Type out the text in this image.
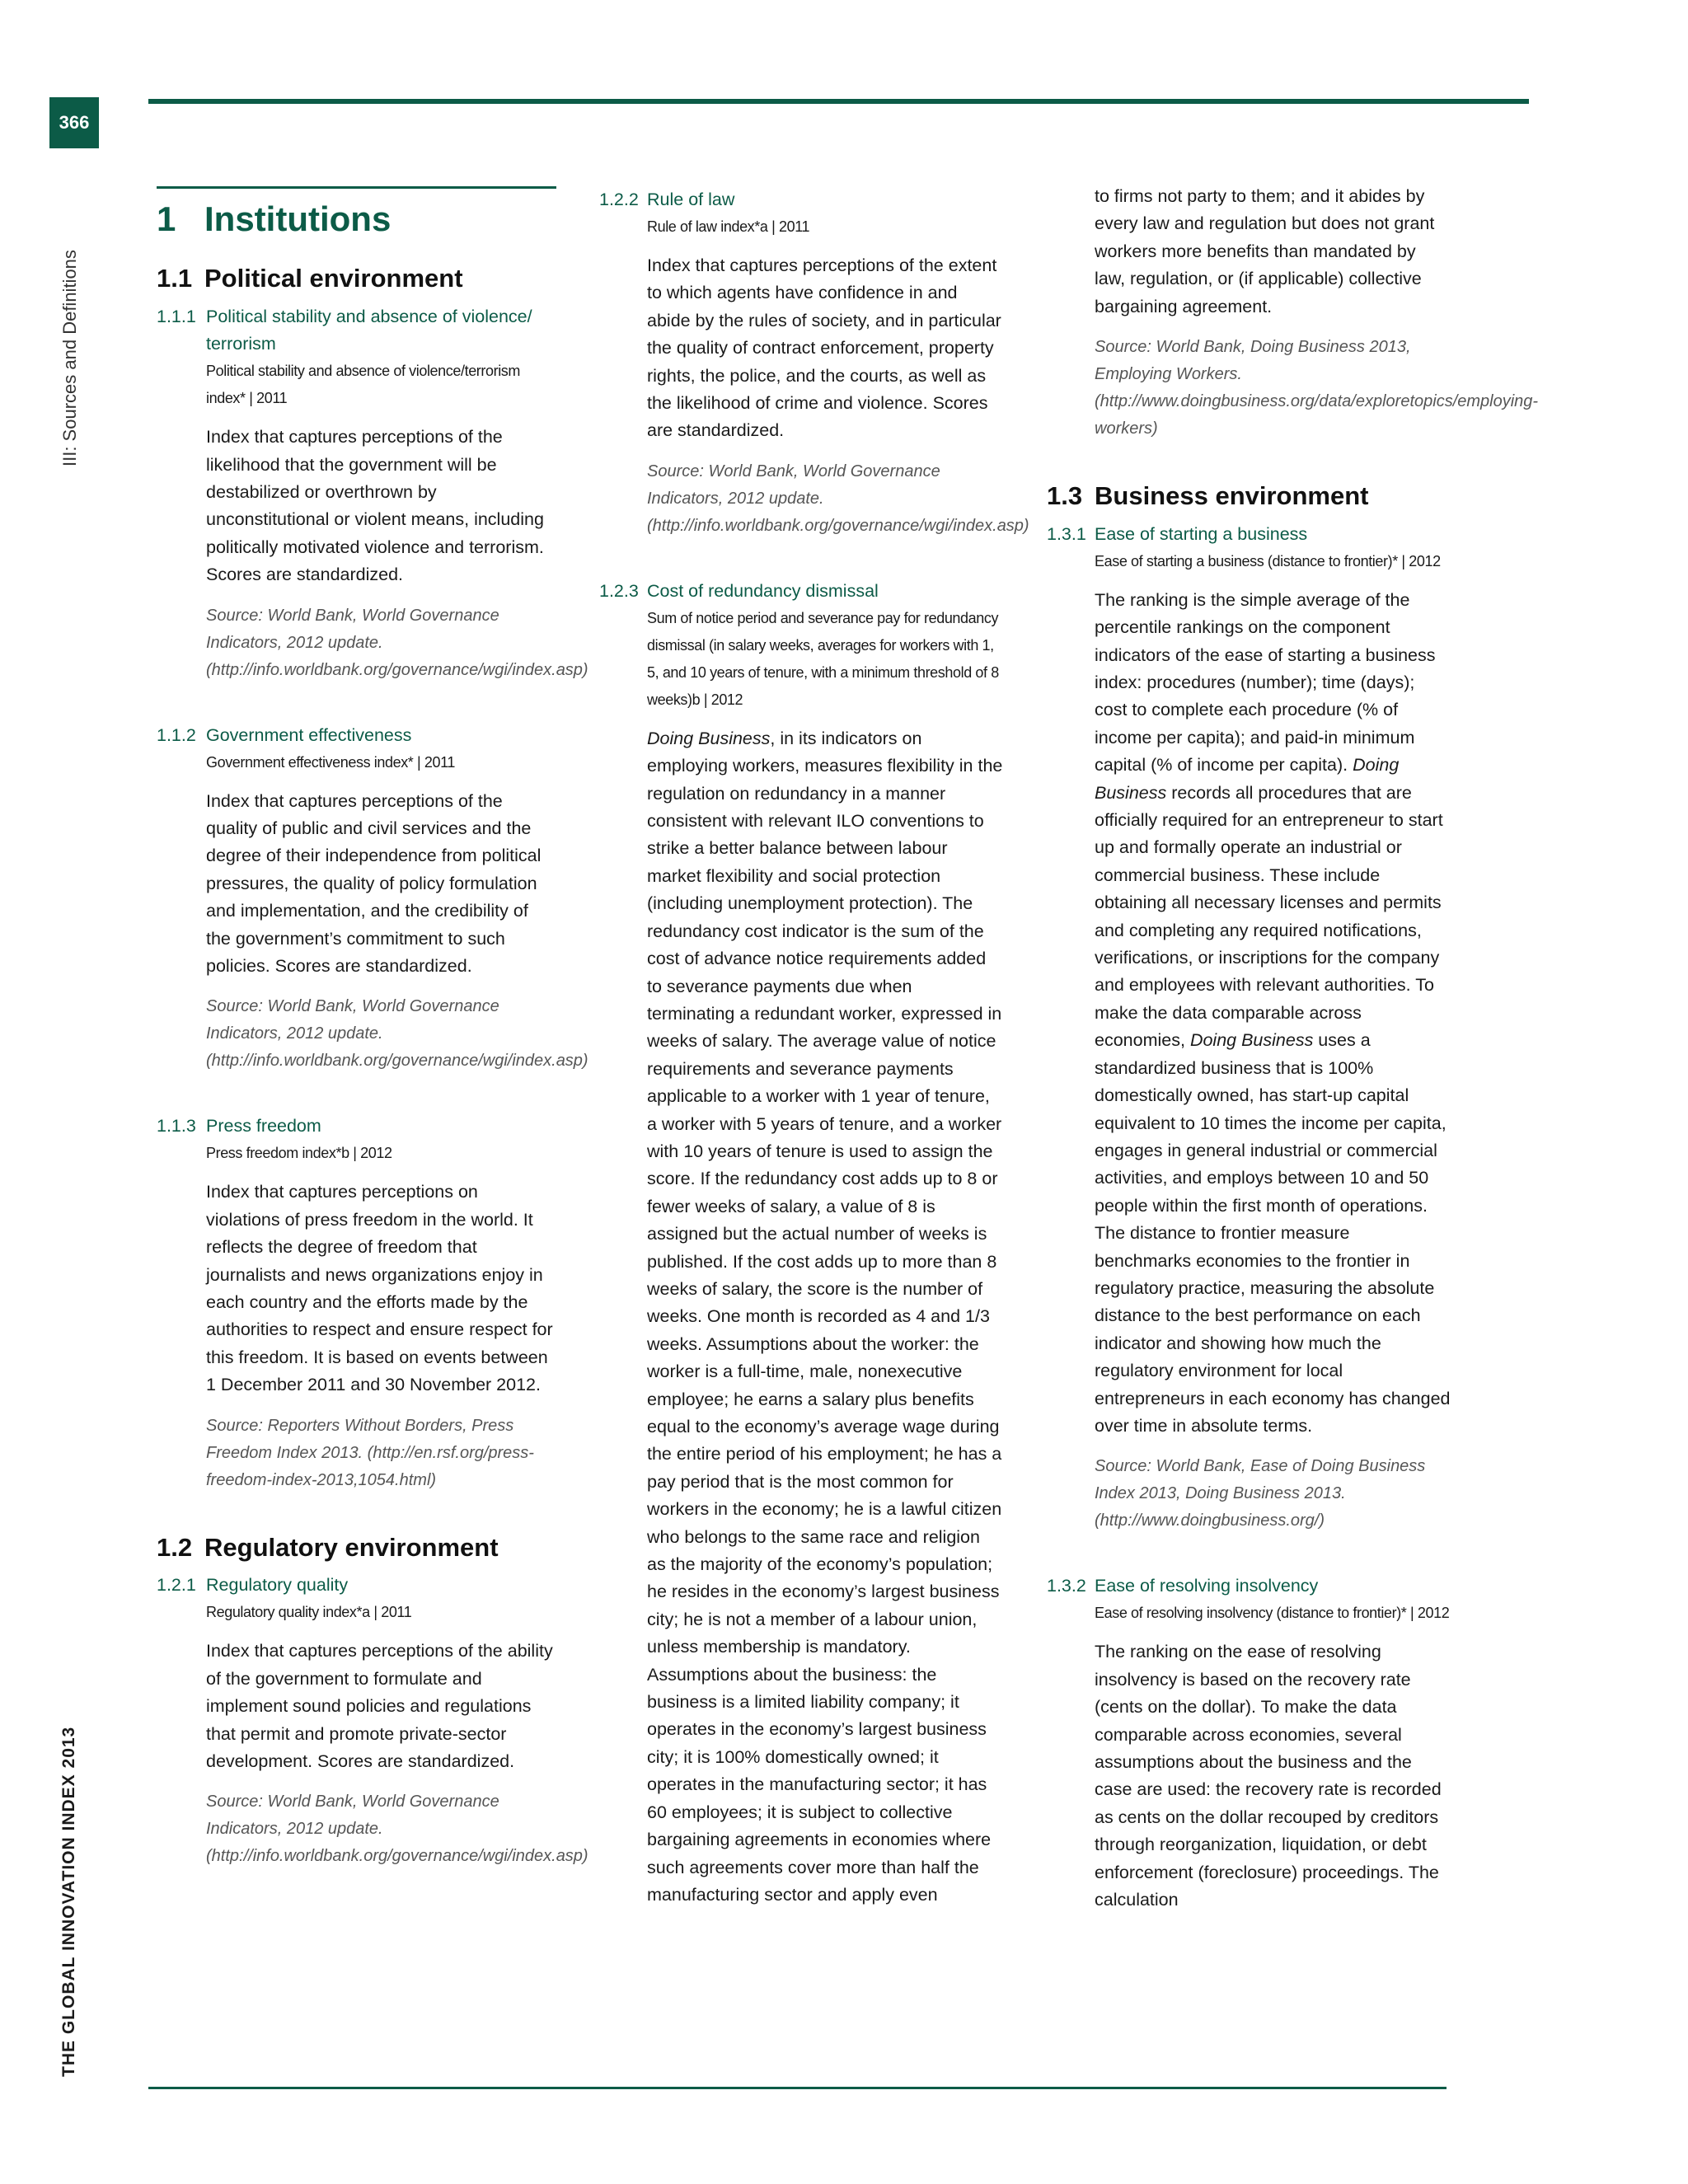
366
III: Sources and Definitions
THE GLOBAL INNOVATION INDEX 2013
1 Institutions
1.1 Political environment
1.1.1 Political stability and absence of violence/ terrorism
Political stability and absence of violence/terrorism index* | 2011
Index that captures perceptions of the likelihood that the government will be destabilized or overthrown by unconstitutional or violent means, including politically motivated violence and terrorism. Scores are standardized.
Source: World Bank, World Governance Indicators, 2012 update. (http://info.worldbank.org/governance/wgi/index.asp)
1.1.2 Government effectiveness
Government effectiveness index* | 2011
Index that captures perceptions of the quality of public and civil services and the degree of their independence from political pressures, the quality of policy formulation and implementation, and the credibility of the government’s commitment to such policies. Scores are standardized.
Source: World Bank, World Governance Indicators, 2012 update. (http://info.worldbank.org/governance/wgi/index.asp)
1.1.3 Press freedom
Press freedom index*b | 2012
Index that captures perceptions on violations of press freedom in the world. It reflects the degree of freedom that journalists and news organizations enjoy in each country and the efforts made by the authorities to respect and ensure respect for this freedom. It is based on events between 1 December 2011 and 30 November 2012.
Source: Reporters Without Borders, Press Freedom Index 2013. (http://en.rsf.org/press-freedom-index-2013,1054.html)
1.2 Regulatory environment
1.2.1 Regulatory quality
Regulatory quality index*a | 2011
Index that captures perceptions of the ability of the government to formulate and implement sound policies and regulations that permit and promote private-sector development. Scores are standardized.
Source: World Bank, World Governance Indicators, 2012 update. (http://info.worldbank.org/governance/wgi/index.asp)
1.2.2 Rule of law
Rule of law index*a | 2011
Index that captures perceptions of the extent to which agents have confidence in and abide by the rules of society, and in particular the quality of contract enforcement, property rights, the police, and the courts, as well as the likelihood of crime and violence. Scores are standardized.
Source: World Bank, World Governance Indicators, 2012 update. (http://info.worldbank.org/governance/wgi/index.asp)
1.2.3 Cost of redundancy dismissal
Sum of notice period and severance pay for redundancy dismissal (in salary weeks, averages for workers with 1, 5, and 10 years of tenure, with a minimum threshold of 8 weeks)b | 2012
Doing Business, in its indicators on employing workers, measures flexibility in the regulation on redundancy in a manner consistent with relevant ILO conventions to strike a better balance between labour market flexibility and social protection (including unemployment protection). The redundancy cost indicator is the sum of the cost of advance notice requirements added to severance payments due when terminating a redundant worker, expressed in weeks of salary. The average value of notice requirements and severance payments applicable to a worker with 1 year of tenure, a worker with 5 years of tenure, and a worker with 10 years of tenure is used to assign the score. If the redundancy cost adds up to 8 or fewer weeks of salary, a value of 8 is assigned but the actual number of weeks is published. If the cost adds up to more than 8 weeks of salary, the score is the number of weeks. One month is recorded as 4 and 1/3 weeks. Assumptions about the worker: the worker is a full-time, male, nonexecutive employee; he earns a salary plus benefits equal to the economy’s average wage during the entire period of his employment; he has a pay period that is the most common for workers in the economy; he is a lawful citizen who belongs to the same race and religion as the majority of the economy’s population; he resides in the economy’s largest business city; he is not a member of a labour union, unless membership is mandatory. Assumptions about the business: the business is a limited liability company; it operates in the economy’s largest business city; it is 100% domestically owned; it operates in the manufacturing sector; it has 60 employees; it is subject to collective bargaining agreements in economies where such agreements cover more than half the manufacturing sector and apply even
to firms not party to them; and it abides by every law and regulation but does not grant workers more benefits than mandated by law, regulation, or (if applicable) collective bargaining agreement.
Source: World Bank, Doing Business 2013, Employing Workers. (http://www.doingbusiness.org/data/exploretopics/employing-workers)
1.3 Business environment
1.3.1 Ease of starting a business
Ease of starting a business (distance to frontier)* | 2012
The ranking is the simple average of the percentile rankings on the component indicators of the ease of starting a business index: procedures (number); time (days); cost to complete each procedure (% of income per capita); and paid-in minimum capital (% of income per capita). Doing Business records all procedures that are officially required for an entrepreneur to start up and formally operate an industrial or commercial business. These include obtaining all necessary licenses and permits and completing any required notifications, verifications, or inscriptions for the company and employees with relevant authorities. To make the data comparable across economies, Doing Business uses a standardized business that is 100% domestically owned, has start-up capital equivalent to 10 times the income per capita, engages in general industrial or commercial activities, and employs between 10 and 50 people within the first month of operations. The distance to frontier measure benchmarks economies to the frontier in regulatory practice, measuring the absolute distance to the best performance on each indicator and showing how much the regulatory environment for local entrepreneurs in each economy has changed over time in absolute terms.
Source: World Bank, Ease of Doing Business Index 2013, Doing Business 2013. (http://www.doingbusiness.org/)
1.3.2 Ease of resolving insolvency
Ease of resolving insolvency (distance to frontier)* | 2012
The ranking on the ease of resolving insolvency is based on the recovery rate (cents on the dollar). To make the data comparable across economies, several assumptions about the business and the case are used: the recovery rate is recorded as cents on the dollar recouped by creditors through reorganization, liquidation, or debt enforcement (foreclosure) proceedings. The calculation
